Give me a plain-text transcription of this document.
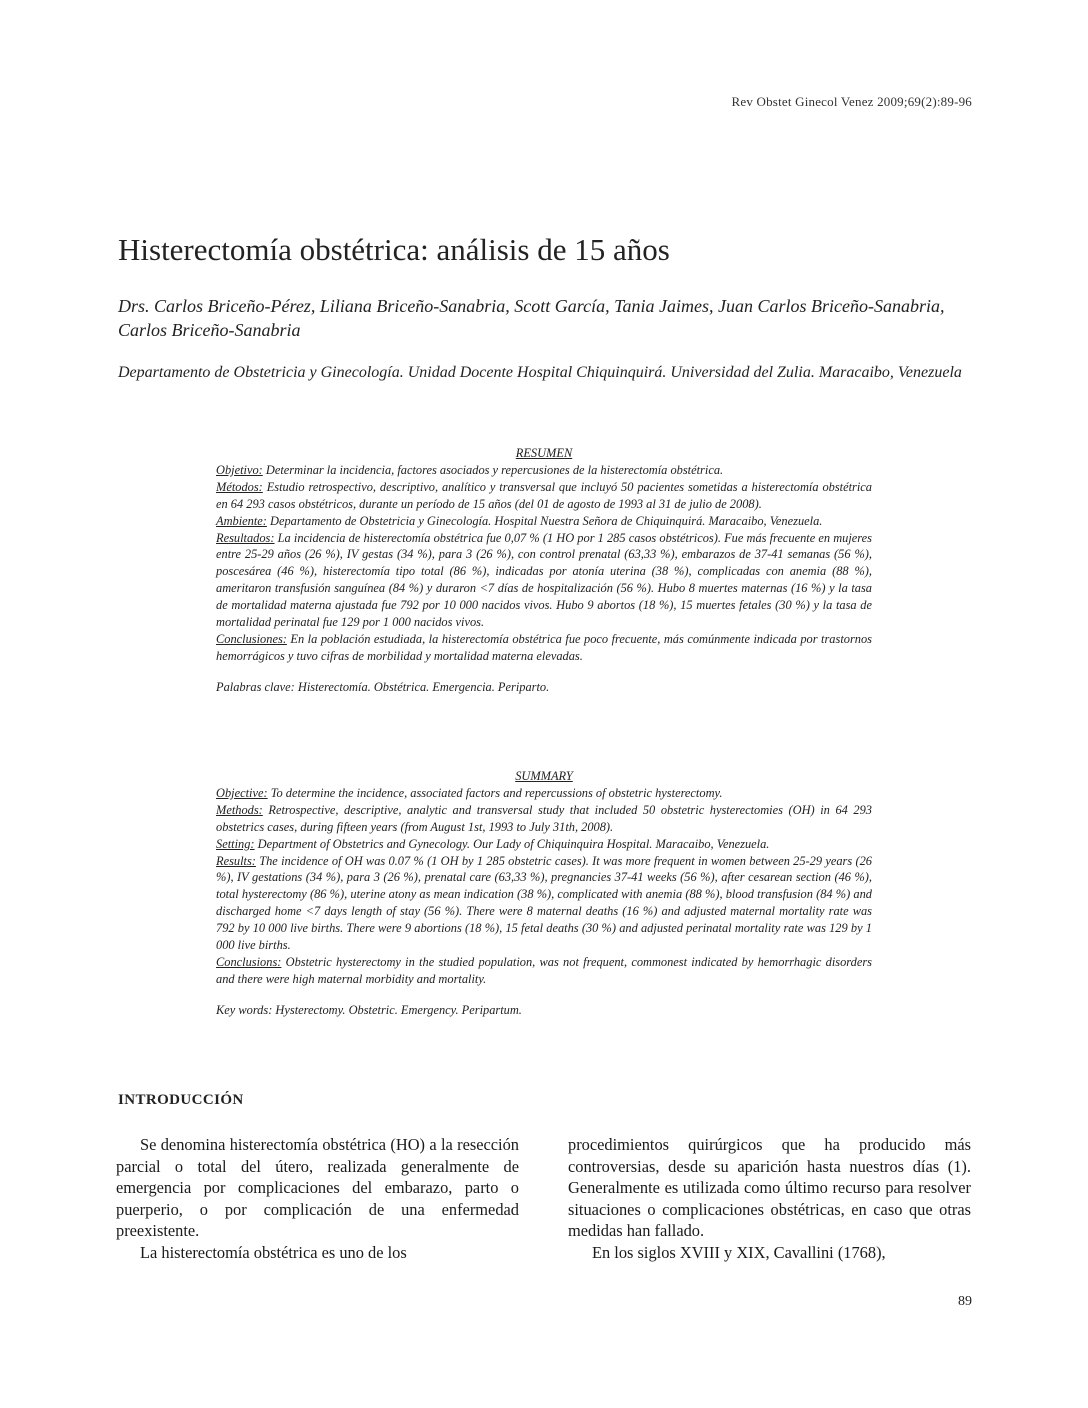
Rev Obstet Ginecol Venez 2009;69(2):89-96
Histerectomía obstétrica: análisis de 15 años
Drs. Carlos Briceño-Pérez, Liliana Briceño-Sanabria, Scott García, Tania Jaimes, Juan Carlos Briceño-Sanabria, Carlos Briceño-Sanabria
Departamento de Obstetricia y Ginecología. Unidad Docente Hospital Chiquinquirá. Universidad del Zulia. Maracaibo, Venezuela

RESUMEN

Objetivo: Determinar la incidencia, factores asociados y repercusiones de la histerectomía obstétrica.

Métodos: Estudio retrospectivo, descriptivo, analítico y transversal que incluyó 50 pacientes sometidas a histerectomía obstétrica en 64 293 casos obstétricos, durante un período de 15 años (del 01 de agosto de 1993 al 31 de julio de 2008).

Ambiente: Departamento de Obstetricia y Ginecología. Hospital Nuestra Señora de Chiquinquirá. Maracaibo, Venezuela.

Resultados: La incidencia de histerectomía obstétrica fue 0,07 % (1 HO por 1 285 casos obstétricos). Fue más frecuente en mujeres entre 25-29 años (26 %), IV gestas (34 %), para 3 (26 %), con control prenatal (63,33 %), embarazos de 37-41 semanas (56 %), poscesárea (46 %), histerectomía tipo total (86 %), indicadas por atonía uterina (38 %), complicadas con anemia (88 %), ameritaron transfusión sanguínea (84 %) y duraron <7 días de hospitalización (56 %). Hubo 8 muertes maternas (16 %) y la tasa de mortalidad materna ajustada fue 792 por 10 000 nacidos vivos. Hubo 9 abortos (18 %), 15 muertes fetales (30 %) y la tasa de mortalidad perinatal fue 129 por 1 000 nacidos vivos.

Conclusiones: En la población estudiada, la histerectomía obstétrica fue poco frecuente, más comúnmente indicada por trastornos hemorrágicos y tuvo cifras de morbilidad y mortalidad materna elevadas.

Palabras clave: Histerectomía. Obstétrica. Emergencia. Periparto.

SUMMARY

Objective: To determine the incidence, associated factors and repercussions of obstetric hysterectomy.

Methods: Retrospective, descriptive, analytic and transversal study that included 50 obstetric hysterectomies (OH) in 64 293 obstetrics cases, during fifteen years (from August 1st, 1993 to July 31th, 2008).

Setting: Department of Obstetrics and Gynecology. Our Lady of Chiquinquira Hospital. Maracaibo, Venezuela.

Results: The incidence of OH was 0.07 % (1 OH by 1 285 obstetric cases). It was more frequent in women between 25-29 years (26 %), IV gestations (34 %), para 3 (26 %), prenatal care (63,33 %), pregnancies 37-41 weeks (56 %), after cesarean section (46 %), total hysterectomy (86 %), uterine atony as mean indication (38 %), complicated with anemia (88 %), blood transfusion (84 %) and discharged home <7 days length of stay (56 %). There were 8 maternal deaths (16 %) and adjusted maternal mortality rate was 792 by 10 000 live births. There were 9 abortions (18 %), 15 fetal deaths (30 %) and adjusted perinatal mortality rate was 129 by 1 000 live births.

Conclusions: Obstetric hysterectomy in the studied population, was not frequent, commonest indicated by hemorrhagic disorders and there were high maternal morbidity and mortality.

Key words: Hysterectomy. Obstetric. Emergency. Peripartum.

INTRODUCCIÓN

Se denomina histerectomía obstétrica (HO) a la resección parcial o total del útero, realizada generalmente de emergencia por complicaciones del embarazo, parto o puerperio, o por complicación de una enfermedad preexistente.

La histerectomía obstétrica es uno de los

procedimientos quirúrgicos que ha producido más controversias, desde su aparición hasta nuestros días (1). Generalmente es utilizada como último recurso para resolver situaciones o complicaciones obstétricas, en caso que otras medidas han fallado.

En los siglos XVIII y XIX, Cavallini (1768),

89
